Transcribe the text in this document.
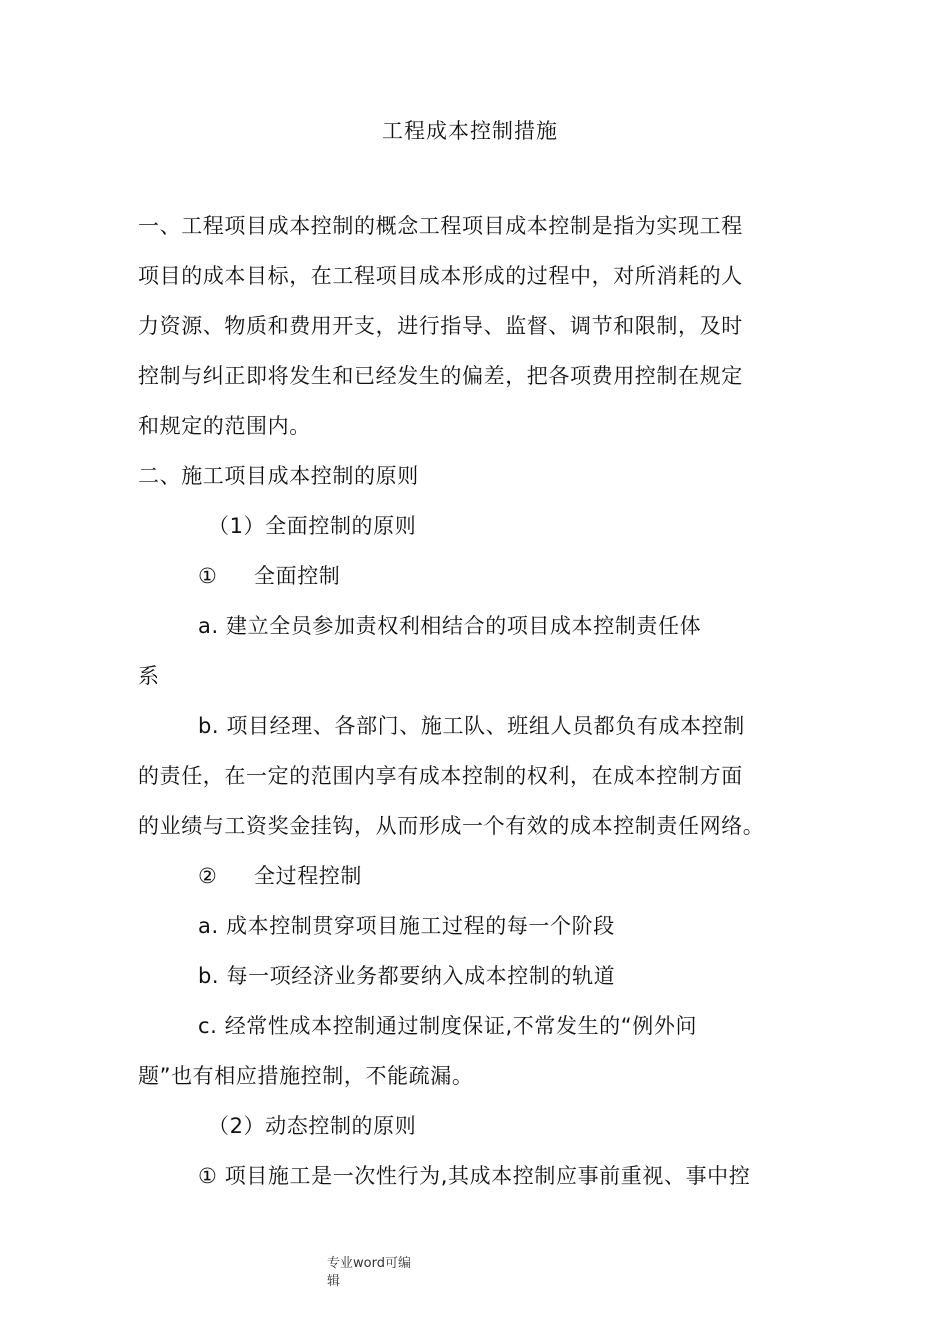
工程成本控制措施
一、工程项目成本控制的概念工程项目成本控制是指为实现工程
项目的成本目标，在工程项目成本形成的过程中，对所消耗的人
力资源、物质和费用开支，进行指导、监督、调节和限制，及时
控制与纠正即将发生和已经发生的偏差，把各项费用控制在规定
和规定的范围内。
二、施工项目成本控制的原则
（1）全面控制的原则
① 全面控制
a. 建立全员参加责权利相结合的项目成本控制责任体
系
b. 项目经理、各部门、施工队、班组人员都负有成本控制
的责任，在一定的范围内享有成本控制的权利，在成本控制方面
的业绩与工资奖金挂钩，从而形成一个有效的成本控制责任网络。
② 全过程控制
a. 成本控制贯穿项目施工过程的每一个阶段
b. 每一项经济业务都要纳入成本控制的轨道
c. 经常性成本控制通过制度保证,不常发生的“例外问
题”也有相应措施控制，不能疏漏。
（2）动态控制的原则
① 项目施工是一次性行为,其成本控制应事前重视、事中控
专业word可编
辑
